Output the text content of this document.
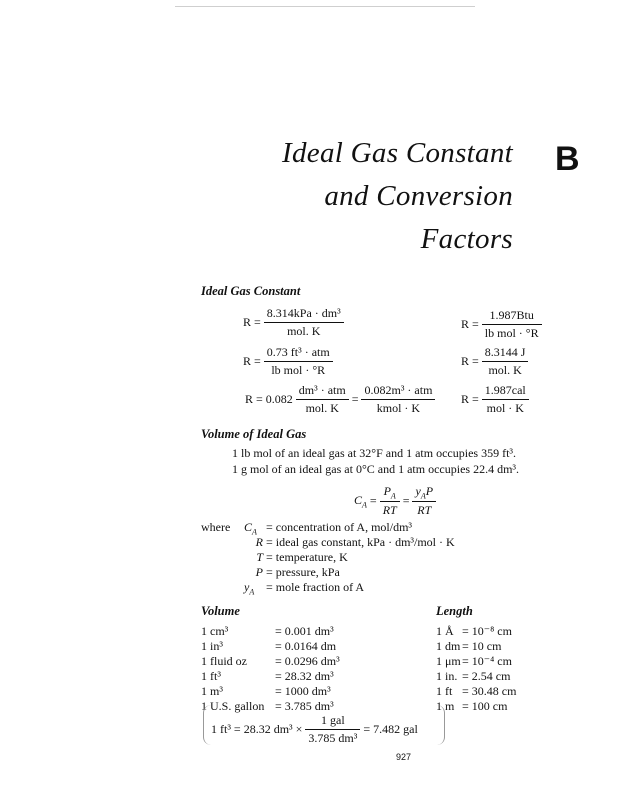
Ideal Gas Constant
and Conversion
Factors
B
Ideal Gas Constant
$R = \frac{\text{8.314kPa · dm³}}{\text{mol. K}}$	$R = \frac{\text{1.987Btu}}{\text{lb mol · °R}}$
$R = \frac{\text{0.73 ft³ · atm}}{\text{lb mol · °R}}$	$R = \frac{8.3144 J}{\text{mol. K}}$
$R = 0.082 \frac{\text{dm³ · atm}}{\text{mol. K}} = \frac{\text{0.082m³ · atm}}{\text{kmol · K}}$ $R = \frac{\text{1.987cal}}{\text{mol · K}}$
Volume of Ideal Gas
1 lb mol of an ideal gas at 32°F and 1 atm occupies 359 ft³.
1 g mol of an ideal gas at 0°C and 1 atm occupies 22.4 dm³.
$C_A = \frac{P_A}{RT} = \frac{y_AP}{RT}$
where $C_A$ = concentration of A, mol/dm³
R = ideal gas constant, kPa · dm³/mol · K
T = temperature, K
P = pressure, kPa
$y_A$ = mole fraction of A
Volume
1 cm³	= 0.001 dm³
1 in³	= 0.0164 dm
1 fluid oz = 0.0296 dm³
1 ft³	= 28.32 dm³
1 m³	= 1000 dm³
1 U.S. gallon = 3.785 dm³
Length
1 Å = 10⁻⁸ cm
1 dm = 10 cm
1 μm= 10⁻⁴ cm
1 in. = 2.54 cm
1 ft = 30.48 cm
1 m = 100 cm
1 ft³ = 28.32 $dm^3 \times \frac{\text{1 gal}}{\text{3.785 dm³}} = 7.482$ gal
927
